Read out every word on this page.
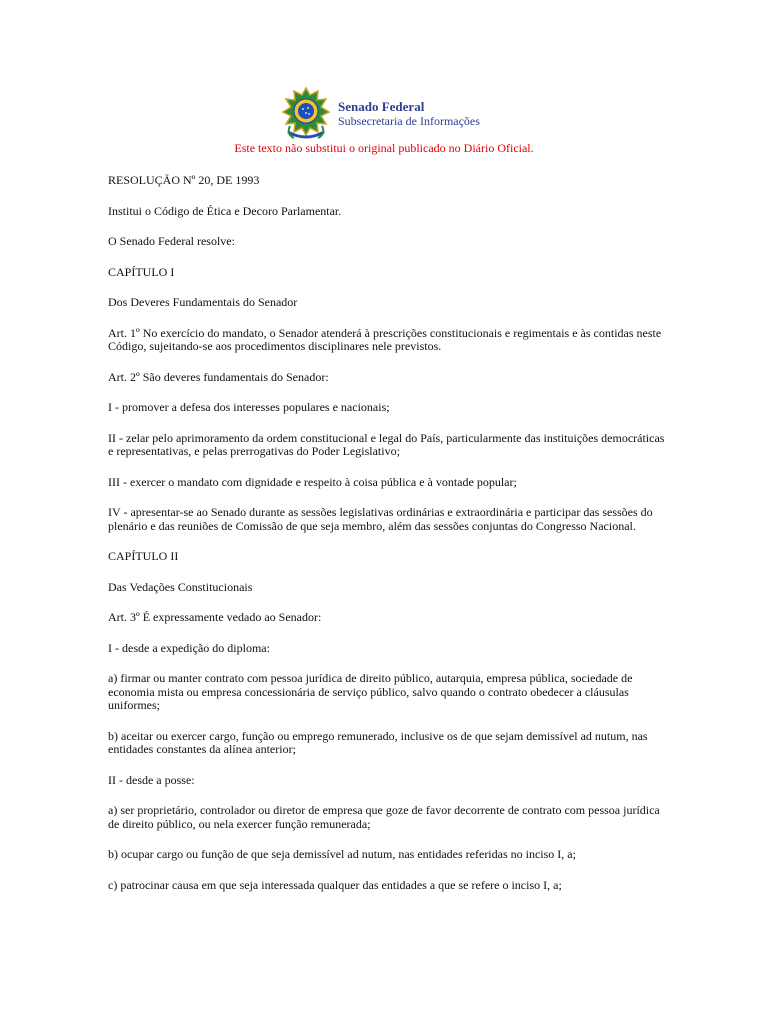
Senado Federal
Subsecretaria de Informações
Este texto não substitui o original publicado no Diário Oficial.

RESOLUÇÃO Nº 20, DE 1993

Institui o Código de Ética e Decoro Parlamentar.

O Senado Federal resolve:

CAPÍTULO I

Dos Deveres Fundamentais do Senador

Art. 1º No exercício do mandato, o Senador atenderá à prescrições constitucionais e regimentais e às contidas neste Código, sujeitando-se aos procedimentos disciplinares nele previstos.

Art. 2º São deveres fundamentais do Senador:

I - promover a defesa dos interesses populares e nacionais;

II - zelar pelo aprimoramento da ordem constitucional e legal do País, particularmente das instituições democráticas e representativas, e pelas prerrogativas do Poder Legislativo;

III - exercer o mandato com dignidade e respeito à coisa pública e à vontade popular;

IV - apresentar-se ao Senado durante as sessões legislativas ordinárias e extraordinária e participar das sessões do plenário e das reuniões de Comissão de que seja membro, além das sessões conjuntas do Congresso Nacional.

CAPÍTULO II

Das Vedações Constitucionais

Art. 3º É expressamente vedado ao Senador:

I - desde a expedição do diploma:

a) firmar ou manter contrato com pessoa jurídica de direito público, autarquia, empresa pública, sociedade de economia mista ou empresa concessionária de serviço público, salvo quando o contrato obedecer a cláusulas uniformes;

b) aceitar ou exercer cargo, função ou emprego remunerado, inclusive os de que sejam demissível ad nutum, nas entidades constantes da alínea anterior;

II - desde a posse:

a) ser proprietário, controlador ou diretor de empresa que goze de favor decorrente de contrato com pessoa jurídica de direito público, ou nela exercer função remunerada;

b) ocupar cargo ou função de que seja demissível ad nutum, nas entidades referidas no inciso I, a;

c) patrocinar causa em que seja interessada qualquer das entidades a que se refere o inciso I, a;
